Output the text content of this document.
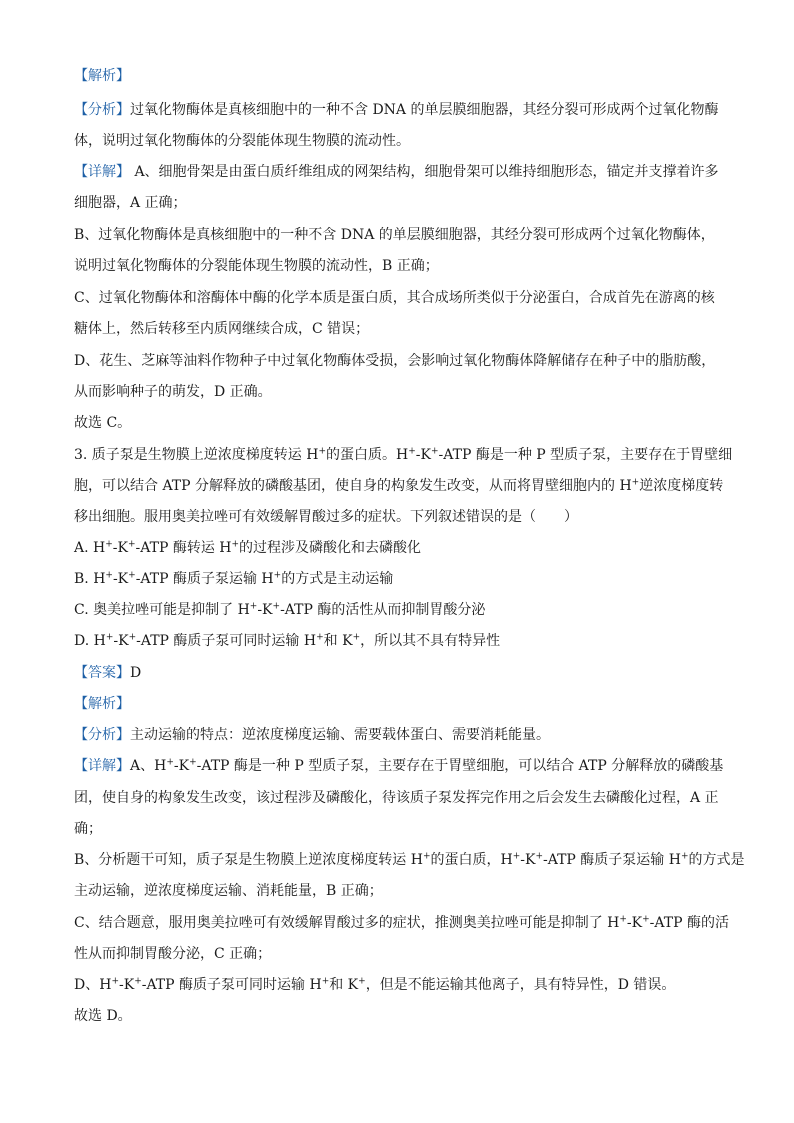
【解析】
【分析】过氧化物酶体是真核细胞中的一种不含 DNA 的单层膜细胞器，其经分裂可形成两个过氧化物酶
体，说明过氧化物酶体的分裂能体现生物膜的流动性。
【详解】 A、细胞骨架是由蛋白质纤维组成的网架结构，细胞骨架可以维持细胞形态，锚定并支撑着许多
细胞器，A 正确；
B、过氧化物酶体是真核细胞中的一种不含 DNA 的单层膜细胞器，其经分裂可形成两个过氧化物酶体，
说明过氧化物酶体的分裂能体现生物膜的流动性，B 正确；
C、过氧化物酶体和溶酶体中酶的化学本质是蛋白质，其合成场所类似于分泌蛋白，合成首先在游离的核
糖体上，然后转移至内质网继续合成，C 错误；
D、花生、芝麻等油料作物种子中过氧化物酶体受损，会影响过氧化物酶体降解储存在种子中的脂肪酸，
从而影响种子的萌发，D 正确。
故选 C。
3. 质子泵是生物膜上逆浓度梯度转运 H+的蛋白质。H+-K+-ATP 酶是一种 P 型质子泵，主要存在于胃壁细
胞，可以结合 ATP 分解释放的磷酸基团，使自身的构象发生改变，从而将胃壁细胞内的 H+逆浓度梯度转
移出细胞。服用奥美拉唑可有效缓解胃酸过多的症状。下列叙述错误的是（　　）
A. H+-K+-ATP 酶转运 H+的过程涉及磷酸化和去磷酸化
B. H+-K+-ATP 酶质子泵运输 H+的方式是主动运输
C. 奥美拉唑可能是抑制了 H+-K+-ATP 酶的活性从而抑制胃酸分泌
D. H+-K+-ATP 酶质子泵可同时运输 H+和 K+，所以其不具有特异性
【答案】D
【解析】
【分析】主动运输的特点：逆浓度梯度运输、需要载体蛋白、需要消耗能量。
【详解】A、H+-K+-ATP 酶是一种 P 型质子泵，主要存在于胃壁细胞，可以结合 ATP 分解释放的磷酸基
团，使自身的构象发生改变，该过程涉及磷酸化，待该质子泵发挥完作用之后会发生去磷酸化过程，A 正
确；
B、分析题干可知，质子泵是生物膜上逆浓度梯度转运 H+的蛋白质，H+-K+-ATP 酶质子泵运输 H+的方式是
主动运输，逆浓度梯度运输、消耗能量，B 正确；
C、结合题意，服用奥美拉唑可有效缓解胃酸过多的症状，推测奥美拉唑可能是抑制了 H+-K+-ATP 酶的活
性从而抑制胃酸分泌，C 正确；
D、H+-K+-ATP 酶质子泵可同时运输 H+和 K+，但是不能运输其他离子，具有特异性，D 错误。
故选 D。
